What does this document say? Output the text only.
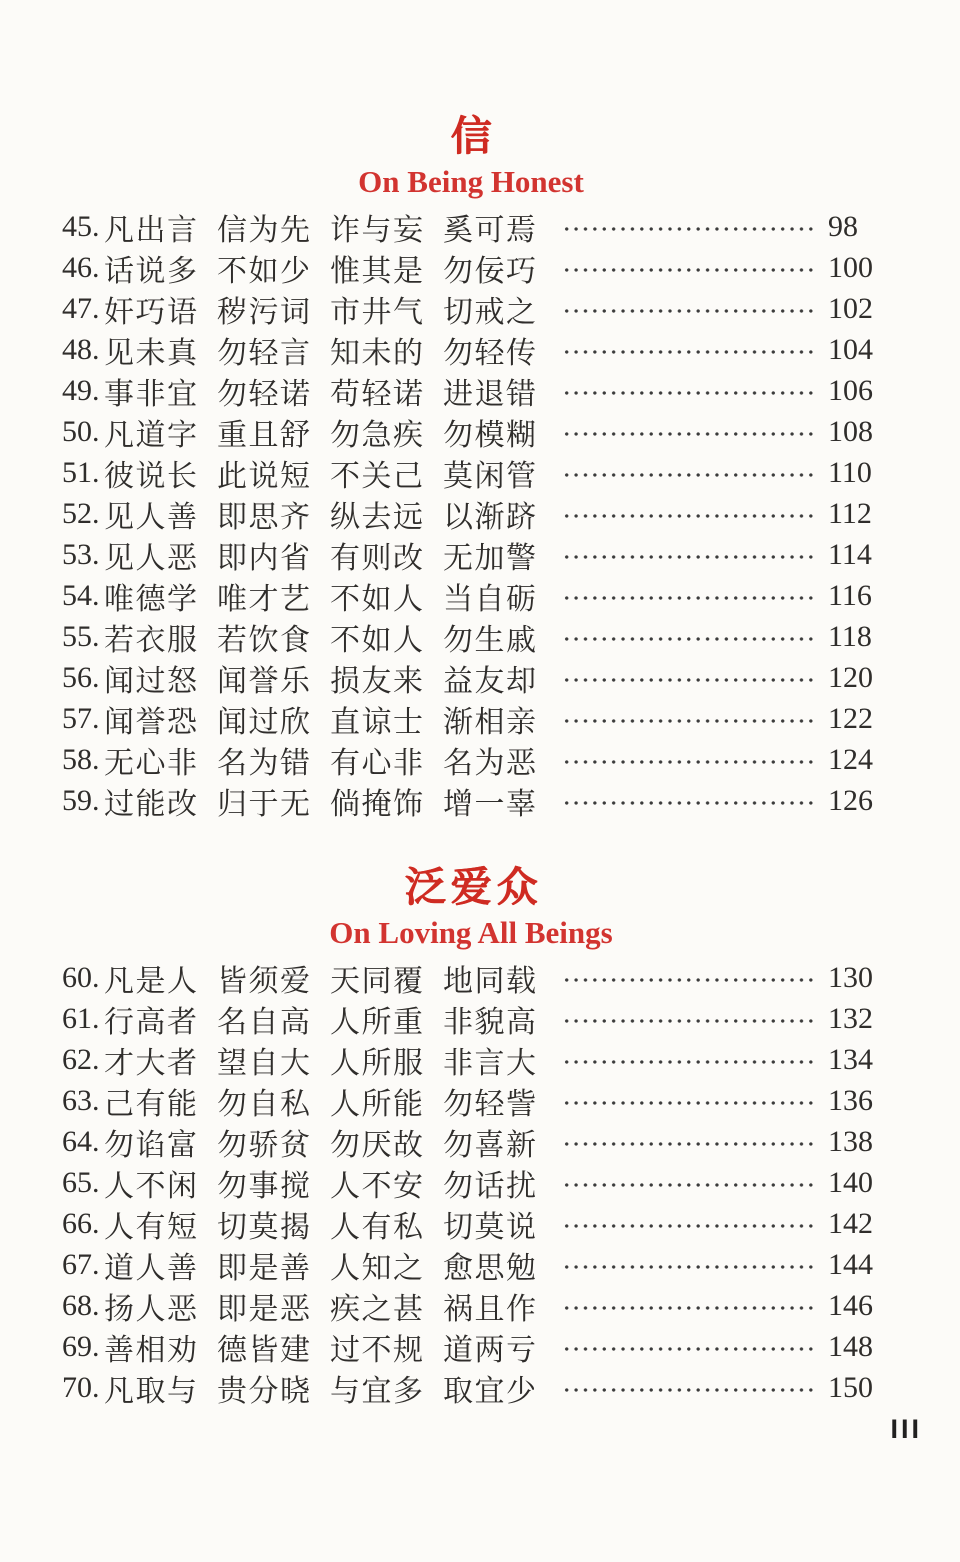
信
On Being Honest
45. 凡出言 信为先 诈与妄 奚可焉	98
46. 话说多 不如少 惟其是 勿佞巧	100
47. 奸巧语 秽污词 市井气 切戒之	102
48. 见未真 勿轻言 知未的 勿轻传	104
49. 事非宜 勿轻诺 苟轻诺 进退错	106
50. 凡道字 重且舒 勿急疾 勿模糊	108
51. 彼说长 此说短 不关己 莫闲管	110
52. 见人善 即思齐 纵去远 以渐跻	112
53. 见人恶 即内省 有则改 无加警	114
54. 唯德学 唯才艺 不如人 当自砺	116
55. 若衣服 若饮食 不如人 勿生戚	118
56. 闻过怒 闻誉乐 损友来 益友却	120
57. 闻誉恐 闻过欣 直谅士 渐相亲	122
58. 无心非 名为错 有心非 名为恶	124
59. 过能改 归于无 倘掩饰 增一辜	126
泛爱众
On Loving All Beings
60. 凡是人 皆须爱 天同覆 地同载	130
61. 行高者 名自高 人所重 非貌高	132
62. 才大者 望自大 人所服 非言大	134
63. 己有能 勿自私 人所能 勿轻訾	136
64. 勿谄富 勿骄贫 勿厌故 勿喜新	138
65. 人不闲 勿事搅 人不安 勿话扰	140
66. 人有短 切莫揭 人有私 切莫说	142
67. 道人善 即是善 人知之 愈思勉	144
68. 扬人恶 即是恶 疾之甚 祸且作	146
69. 善相劝 德皆建 过不规 道两亏	148
70. 凡取与 贵分晓 与宜多 取宜少	150
III
